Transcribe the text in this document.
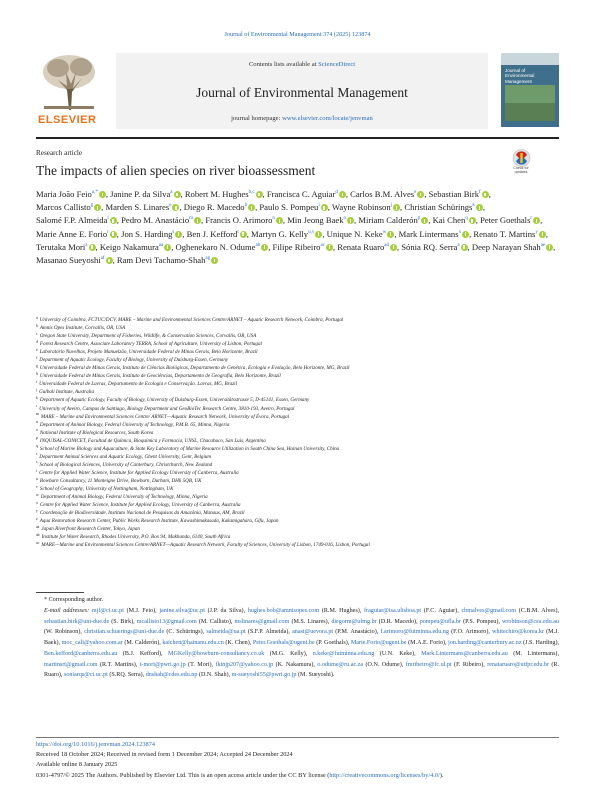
Journal of Environmental Management 374 (2025) 123874
ELSEVIER
Contents lists available at ScienceDirect
Journal of Environmental Management
journal homepage: www.elsevier.com/locate/jenvman
Journal of
Environmental
Management
Research article
The impacts of alien species on river bioassessment	Check for
updates
Maria João Feio$^{a,*}$ , Janine P. da Silva$^a$ , Robert M. Hughes$^{b,c}$ , Francisca C. Aguiar$^d$ , Carlos B.M. Alves$^e$ , Sebastian Birk$^f$ , Marcos Callisto$^g$ , Marden S. Linares$^e$ , Diego R. Macedo$^h$ , Paulo S. Pompeu$^i$ , Wayne Robinson$^j$ , Christian Schürings$^k$ , Salomé F.P. Almeida$^l$ , Pedro M. Anastácio$^m$ , Francis O. Arimoro$^n$ , Min Jeong Baek$^o$ , Miriam Calderón$^p$ , Kai Chen$^q$ , Peter Goethals$^r$ , Marie Anne E. Forio$^r$ , Jon S. Harding$^s$ , Ben J. Kefford$^t$ , Martyn G. Kelly$^{u,v}$ , Unique N. Keke$^w$ , Mark Lintermans$^x$ , Renato T. Martins$^y$ , Terutaka Mori$^z$ , Keigo Nakamura$^{aa}$ , Oghenekaro N. Odume$^{ab}$ , Filipe Ribeiro$^{ac}$ , Renata Ruaro$^{ad}$ , Sónia RQ. Serra$^a$ , Deep Narayan Shah$^{ae}$ , Masanao Sueyoshi$^{af}$ , Ram Devi Tachamo-Shah$^{ag}$
$^a$ University of Coimbra, FCTUC/DCV, MARE – Marine and Environmental Sciences Centre/ARNET – Aquatic Research Network, Coimbra, Portugal
$^b$ Amnis Opes Institute, Corvallis, OR, USA
$^c$ Oregon State University, Department of Fisheries, Wildlife, & Conservation Sciences, Corvallis, OR, USA
$^d$ Forest Research Centre, Associate Laboratory TERRA, School of Agriculture, University of Lisbon, Portugal
$^e$ Laboratório Nuvelhas, Projeto Manuelzão, Universidade Federal de Minas Gerais, Belo Horizonte, Brazil
$^f$ Department of Aquatic Ecology, Faculty of Biology, University of Duisburg-Essen, Germany
$^g$ Universidade Federal de Minas Gerais, Instituto de Ciências Biológicas, Departamento de Genética, Ecologia e Evolução, Belo Horizonte, MG, Brazil
$^h$ Universidade Federal de Minas Gerais, Instituto de Geociências, Departamento de Geografia, Belo Horizonte, Brazil
$^i$ Universidade Federal de Lavras, Departamento de Ecologia e Conservação. Lavras, MG, Brazil
$^j$ Gulbali Institute, Australia
$^k$ Department of Aquatic Ecology, Faculty of Biology, University of Duisburg-Essen, Universitätsstrasse 5, D-45141, Essen, Germany
$^l$ University of Aveiro, Campus de Santiago, Biology Department and GeoBioTec Research Centre, 3810-193, Aveiro, Portugal
$^m$ MARE – Marine and Environmental Sciences Centre/ ARNET—Aquatic Research Network, University of Évora, Portugal
$^n$ Department of Animal Biology, Federal University of Technology, P.M.B. 65, Minna, Nigeria
$^o$ National Institute of Biological Resources, South Korea
$^p$ INQUISAL-CONICET, Facultad de Química, Bioquímica y Farmacia, UNSL, Chacabuco, San Luis, Argentina
$^q$ School of Marine Biology and Aquaculture, & State Key Laboratory of Marine Resource Utilization in South China Sea, Hainan University, China
$^r$ Department Animal Sciences and Aquatic Ecology, Ghent University, Gent, Belgium
$^s$ School of Biological Sciences, University of Canterbury, Christchurch, New Zealand
$^t$ Centre for Applied Water Science, Institute for Applied Ecology University of Canberra, Australia
$^u$ Bowburn Consultancy, 11 Monteigne Drive, Bowburn, Durham, DH6 5QB, UK
$^v$ School of Geography, University of Nottingham, Nottingham, UK
$^w$ Department of Animal Biology, Federal University of Technology, Minna, Nigeria
$^x$ Centre for Applied Water Science, Institute for Applied Ecology, University of Canberra, Australia
$^y$ Coordenação de Biodiversidade, Instituto Nacional de Pesquisas da Amazônia, Manaus, AM, Brazil
$^z$ Aqua Restoration Research Center, Public Works Research Institute, Kawashimakasada, Kakamigahara, Gifu, Japan
$^{aa}$ Japan Riverfront Research Center, Tokyo, Japan
$^{ab}$ Institute for Water Research, Rhodes University, P.O. Box 94, Makhanda, 6140, South Africa
$^{ac}$ MARE—Marine and Environmental Sciences Centre/ARNET—Aquatic Research Network, Faculty of Sciences, University of Lisbon, 1749-016, Lisbon, Portugal
* Corresponding author.
E-mail addresses: mjf@ci.uc.pt (M.J. Feio), janine.silva@uc.pt (J.P. da Silva), hughes.bob@amnisopes.com (R.M. Hughes), fraguiar@isa.ulisboa.pt (F.C. Aguiar), cbmalves@gmail.com (C.B.M. Alves), sebastian.birk@uni-due.de (S. Birk), mcallisto13@gmail.com (M. Callisto), mslinares@gmail.com (M.S. Linares), diegorm@ufmg.br (D.R. Macedo), pompeu@ufla.br (P.S. Pompeu), wrobinson@csu.edu.au (W. Robinson), christian.schuerings@uni-due.de (C. Schürings), salmeida@ua.pt (S.F.P. Almeida), anast@uevora.pt (P.M. Anastácio), f.arimoro@futminna.edu.ng (F.O. Arimoro), whitechiro@korea.kr (M.J. Baek), moc_cali@yahoo.com.ar (M. Calderón), kaichen@hainanu.edu.cn (K. Chen), Peter.Goethals@ugent.be (P. Goethals), Marie.Forio@ugent.be (M.A.E. Forio), jon.harding@canterbury.ac.nz (J.S. Harding), Ben.kefford@canberra.edu.au (B.J. Kefford), MGKelly@bowburn-consultancy.co.uk (M.G. Kelly), n.keke@futminna.edu.ng (U.N. Keke), Mark.Lintermans@canberra.edu.au (M. Lintermans), martinsrt@gmail.com (R.T. Martins), t-mori@pwri.go.jp (T. Mori), fkinjp207@yahoo.co.jp (K. Nakamura), o.odume@ru.ac.za (O.N. Odume), fmribeiro@fc.ul.pt (F. Ribeiro), renataruaro@utfpr.edu.br (R. Ruaro), soniarqs@ci.uc.pt (S.RQ. Serra), dnshah@cdes.edu.np (D.N. Shah), m-sueyoshi55@pwri.go.jp (M. Sueyoshi).
https://doi.org/10.1016/j.jenvman.2024.123874
Received 18 October 2024; Received in revised form 1 December 2024; Accepted 24 December 2024
Available online 8 January 2025
0301-4797/© 2025 The Authors. Published by Elsevier Ltd. This is an open access article under the CC BY license (http://creativecommons.org/licenses/by/4.0/).
